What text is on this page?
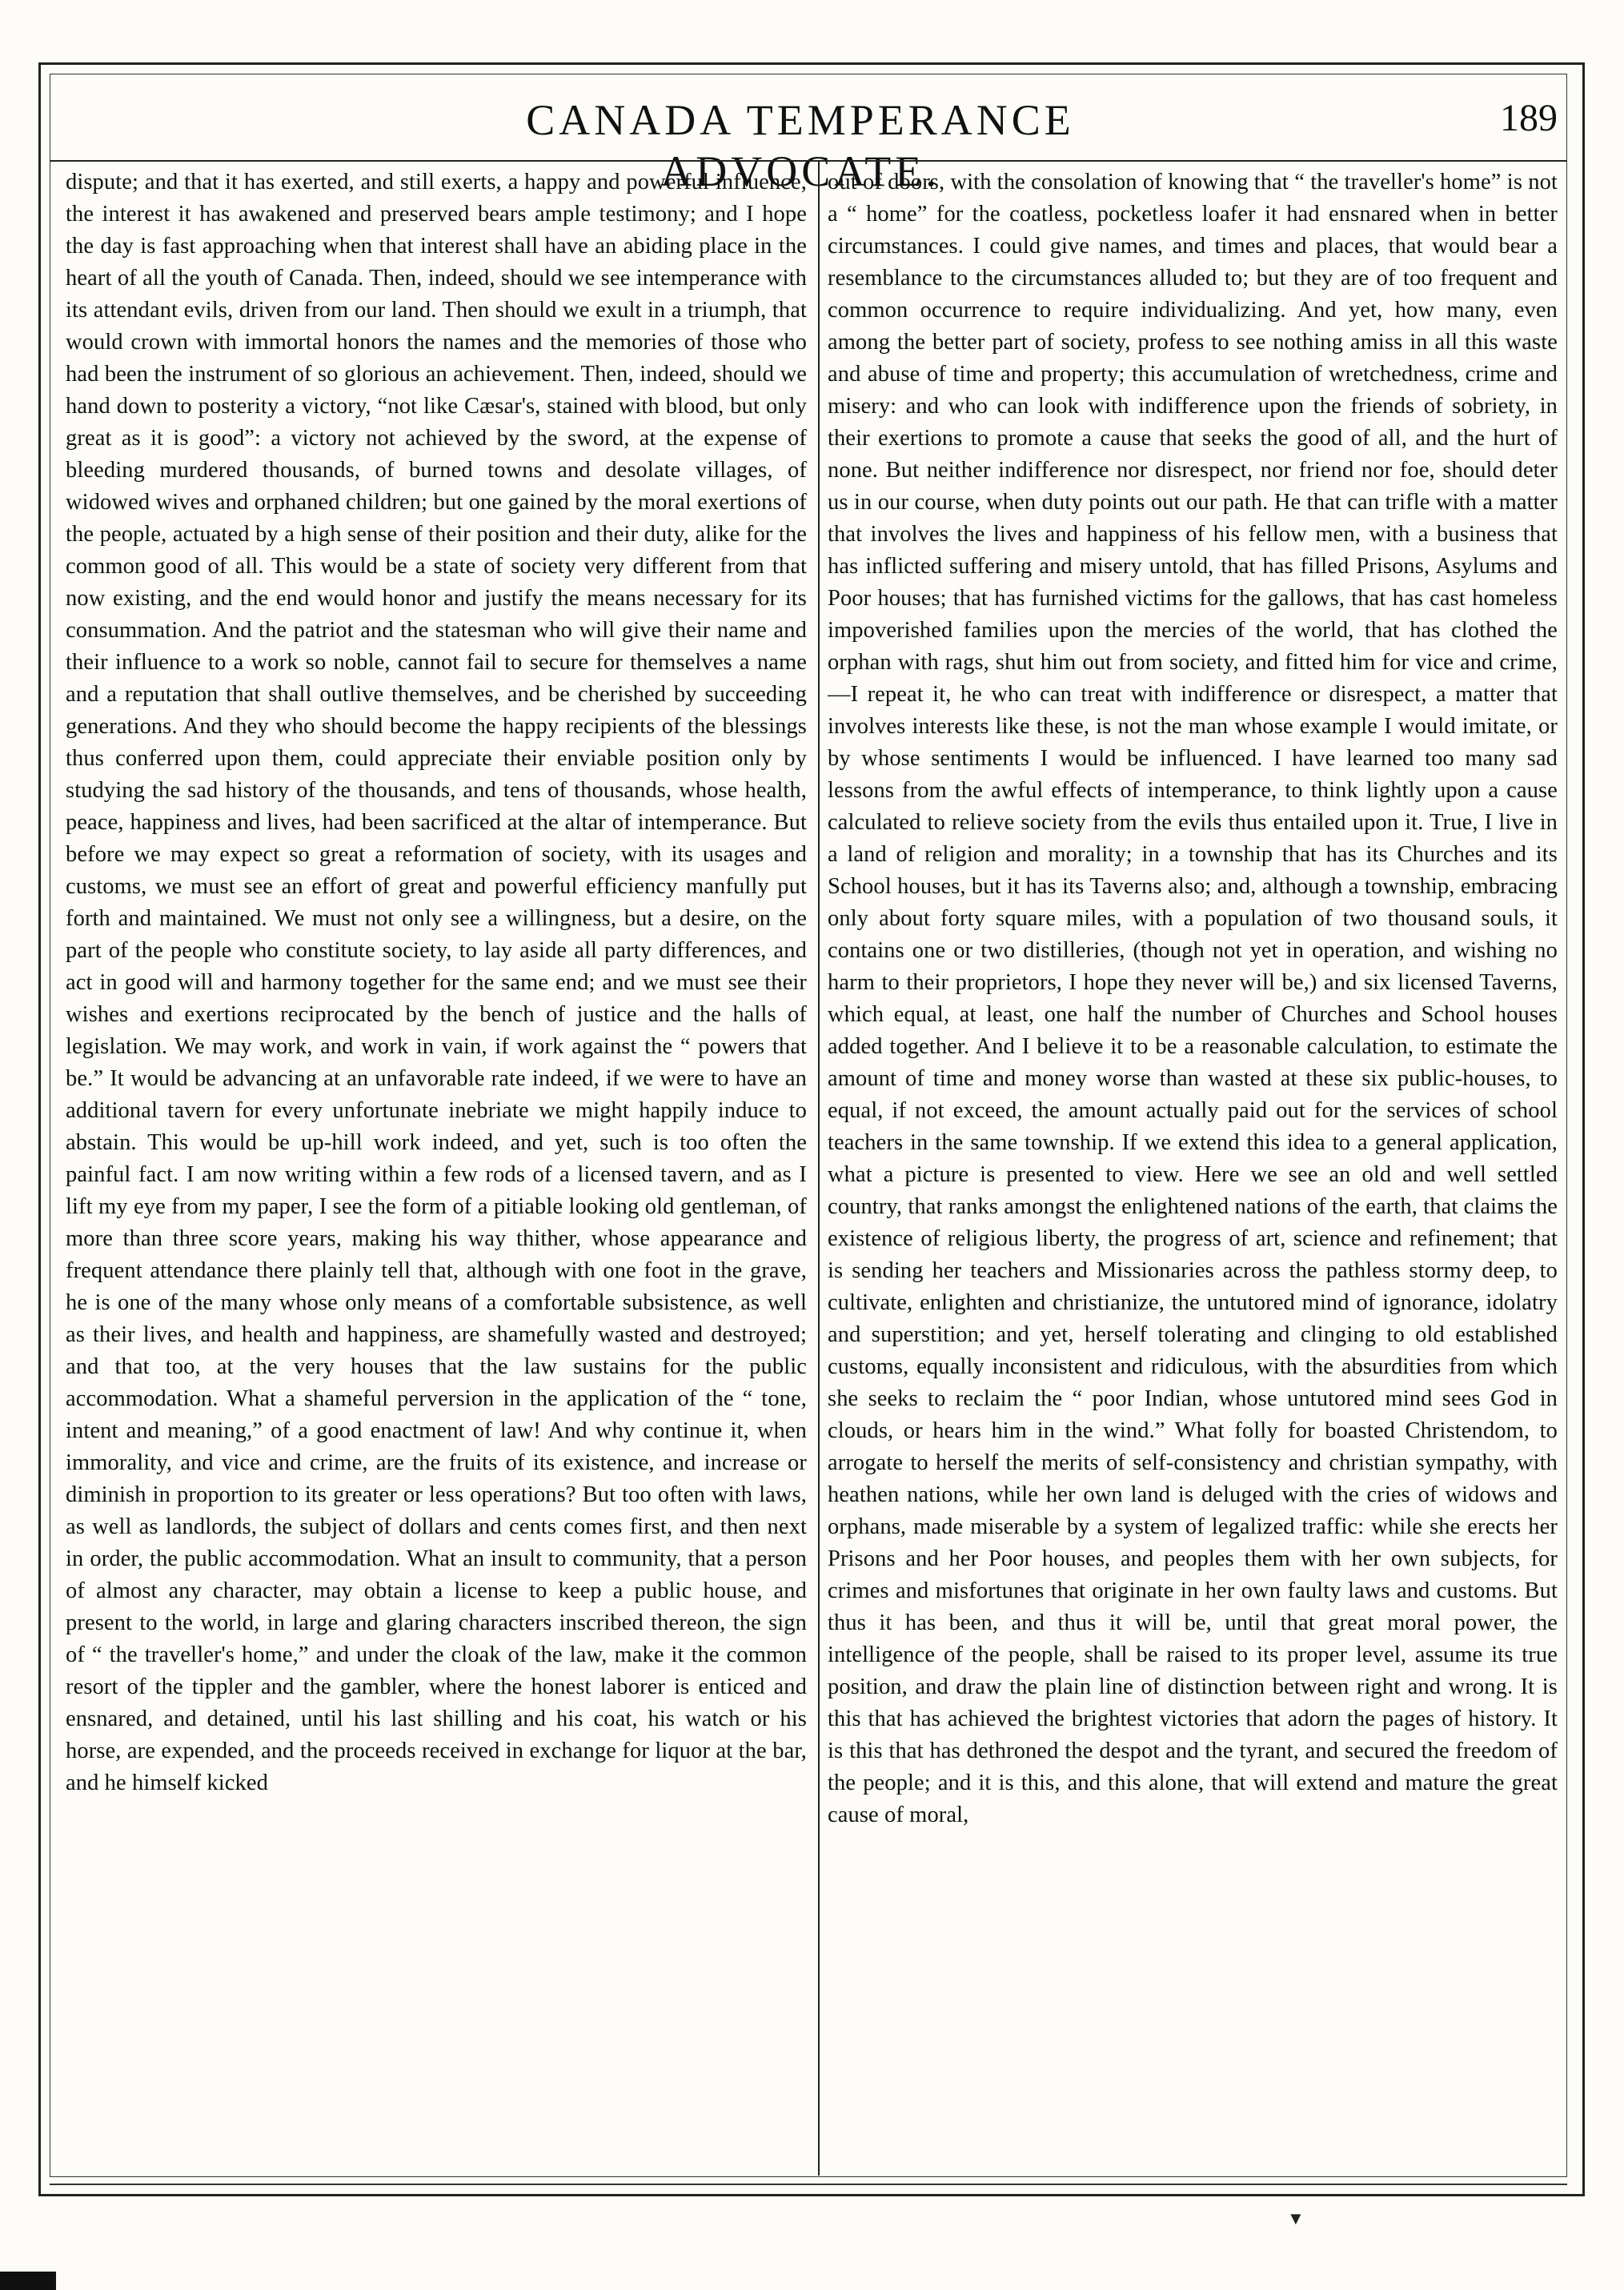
CANADA TEMPERANCE ADVOCATE.
189

dispute; and that it has exerted, and still exerts, a happy and powerful influence, the interest it has awakened and preserved bears ample testimony; and I hope the day is fast approaching when that interest shall have an abiding place in the heart of all the youth of Canada. Then, indeed, should we see intemperance with its attendant evils, driven from our land. Then should we exult in a triumph, that would crown with immortal honors the names and the memories of those who had been the instrument of so glorious an achievement. Then, indeed, should we hand down to posterity a victory, “not like Cæsar's, stained with blood, but only great as it is good”: a victory not achieved by the sword, at the expense of bleeding murdered thousands, of burned towns and desolate villages, of widowed wives and orphaned children; but one gained by the moral exertions of the people, actuated by a high sense of their position and their duty, alike for the common good of all. This would be a state of society very different from that now existing, and the end would honor and justify the means necessary for its consummation. And the patriot and the statesman who will give their name and their influence to a work so noble, cannot fail to secure for themselves a name and a reputation that shall outlive themselves, and be cherished by succeeding generations. And they who should become the happy recipients of the blessings thus conferred upon them, could appreciate their enviable position only by studying the sad history of the thousands, and tens of thousands, whose health, peace, happiness and lives, had been sacrificed at the altar of intemperance. But before we may expect so great a reformation of society, with its usages and customs, we must see an effort of great and powerful efficiency manfully put forth and maintained. We must not only see a willingness, but a desire, on the part of the people who constitute society, to lay aside all party differences, and act in good will and harmony together for the same end; and we must see their wishes and exertions reciprocated by the bench of justice and the halls of legislation. We may work, and work in vain, if work against the “ powers that be.” It would be advancing at an unfavorable rate indeed, if we were to have an additional tavern for every unfortunate inebriate we might happily induce to abstain. This would be up-hill work indeed, and yet, such is too often the painful fact. I am now writing within a few rods of a licensed tavern, and as I lift my eye from my paper, I see the form of a pitiable looking old gentleman, of more than three score years, making his way thither, whose appearance and frequent attendance there plainly tell that, although with one foot in the grave, he is one of the many whose only means of a comfortable subsistence, as well as their lives, and health and happiness, are shamefully wasted and destroyed; and that too, at the very houses that the law sustains for the public accommodation. What a shameful perversion in the application of the “ tone, intent and meaning,” of a good enactment of law! And why continue it, when immorality, and vice and crime, are the fruits of its existence, and increase or diminish in proportion to its greater or less operations? But too often with laws, as well as landlords, the subject of dollars and cents comes first, and then next in order, the public accommodation. What an insult to community, that a person of almost any character, may obtain a license to keep a public house, and present to the world, in large and glaring characters inscribed thereon, the sign of “ the traveller's home,” and under the cloak of the law, make it the common resort of the tippler and the gambler, where the honest laborer is enticed and ensnared, and detained, until his last shilling and his coat, his watch or his horse, are expended, and the proceeds received in exchange for liquor at the bar, and he himself kicked

out of doors, with the consolation of knowing that “ the traveller's home” is not a “ home” for the coatless, pocketless loafer it had ensnared when in better circumstances. I could give names, and times and places, that would bear a resemblance to the circumstances alluded to; but they are of too frequent and common occurrence to require individualizing. And yet, how many, even among the better part of society, profess to see nothing amiss in all this waste and abuse of time and property; this accumulation of wretchedness, crime and misery: and who can look with indifference upon the friends of sobriety, in their exertions to promote a cause that seeks the good of all, and the hurt of none. But neither indifference nor disrespect, nor friend nor foe, should deter us in our course, when duty points out our path. He that can trifle with a matter that involves the lives and happiness of his fellow men, with a business that has inflicted suffering and misery untold, that has filled Prisons, Asylums and Poor houses; that has furnished victims for the gallows, that has cast homeless impoverished families upon the mercies of the world, that has clothed the orphan with rags, shut him out from society, and fitted him for vice and crime,—I repeat it, he who can treat with indifference or disrespect, a matter that involves interests like these, is not the man whose example I would imitate, or by whose sentiments I would be influenced. I have learned too many sad lessons from the awful effects of intemperance, to think lightly upon a cause calculated to relieve society from the evils thus entailed upon it. True, I live in a land of religion and morality; in a township that has its Churches and its School houses, but it has its Taverns also; and, although a township, embracing only about forty square miles, with a population of two thousand souls, it contains one or two distilleries, (though not yet in operation, and wishing no harm to their proprietors, I hope they never will be,) and six licensed Taverns, which equal, at least, one half the number of Churches and School houses added together. And I believe it to be a reasonable calculation, to estimate the amount of time and money worse than wasted at these six public-houses, to equal, if not exceed, the amount actually paid out for the services of school teachers in the same township. If we extend this idea to a general application, what a picture is presented to view. Here we see an old and well settled country, that ranks amongst the enlightened nations of the earth, that claims the existence of religious liberty, the progress of art, science and refinement; that is sending her teachers and Missionaries across the pathless stormy deep, to cultivate, enlighten and christianize, the untutored mind of ignorance, idolatry and superstition; and yet, herself tolerating and clinging to old established customs, equally inconsistent and ridiculous, with the absurdities from which she seeks to reclaim the “ poor Indian, whose untutored mind sees God in clouds, or hears him in the wind.” What folly for boasted Christendom, to arrogate to herself the merits of self-consistency and christian sympathy, with heathen nations, while her own land is deluged with the cries of widows and orphans, made miserable by a system of legalized traffic: while she erects her Prisons and her Poor houses, and peoples them with her own subjects, for crimes and misfortunes that originate in her own faulty laws and customs. But thus it has been, and thus it will be, until that great moral power, the intelligence of the people, shall be raised to its proper level, assume its true position, and draw the plain line of distinction between right and wrong. It is this that has achieved the brightest victories that adorn the pages of history. It is this that has dethroned the despot and the tyrant, and secured the freedom of the people; and it is this, and this alone, that will extend and mature the great cause of moral,

▼
